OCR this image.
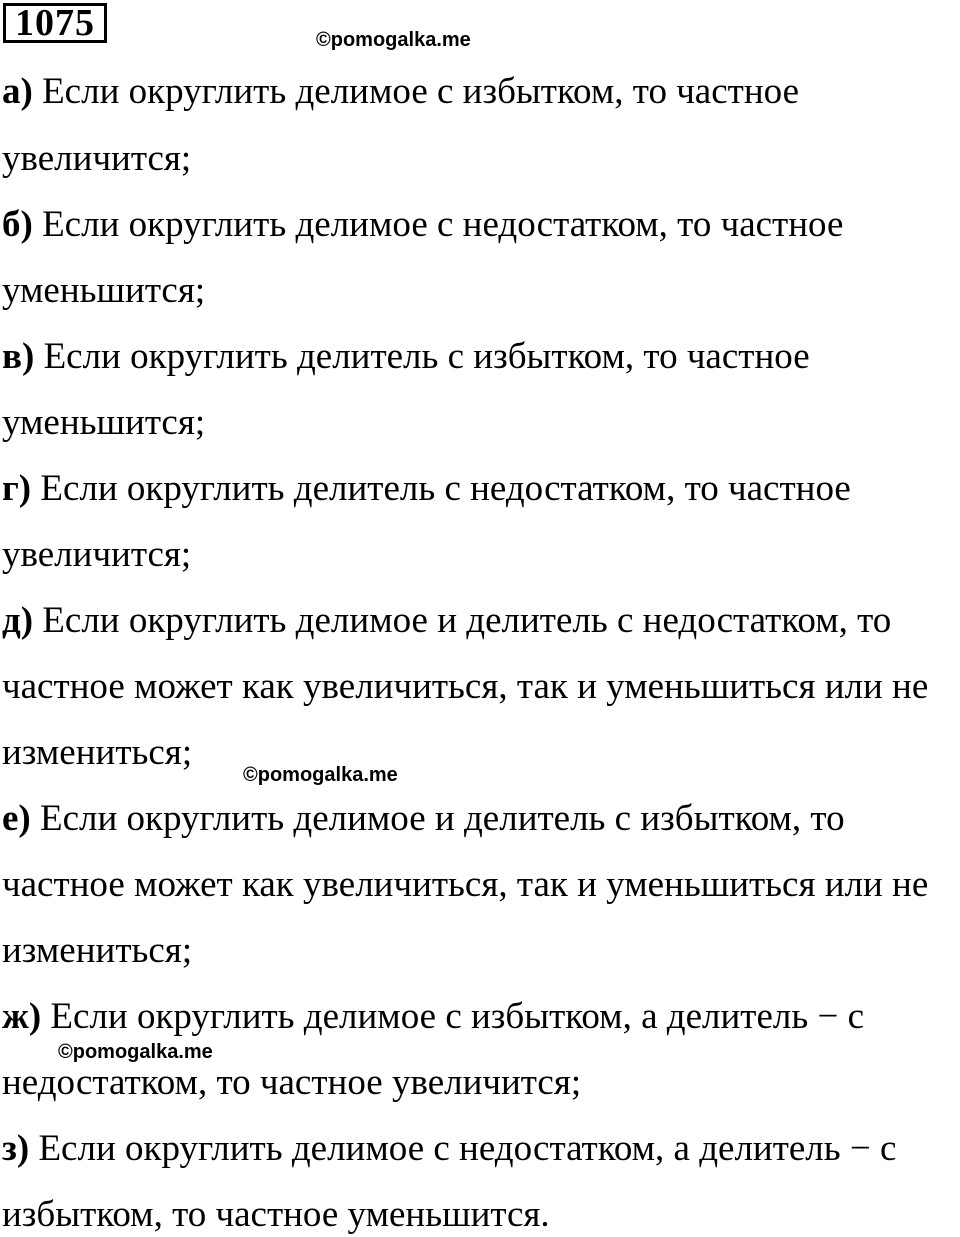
1075	©pomogalka.me
©pomogalka.me
©pomogalka.me
а) Если округлить делимое с избытком, то частное
увеличится;
б) Если округлить делимое с недостатком, то частное
уменьшится;
в) Если округлить делитель с избытком, то частное
уменьшится;
г) Если округлить делитель с недостатком, то частное
увеличится;
д) Если округлить делимое и делитель с недостатком, то
частное может как увеличиться, так и уменьшиться или не
измениться;
е) Если округлить делимое и делитель с избытком, то
частное может как увеличиться, так и уменьшиться или не
измениться;
ж) Если округлить делимое с избытком, а делитель − с
недостатком, то частное увеличится;
з) Если округлить делимое с недостатком, а делитель − с
избытком, то частное уменьшится.
